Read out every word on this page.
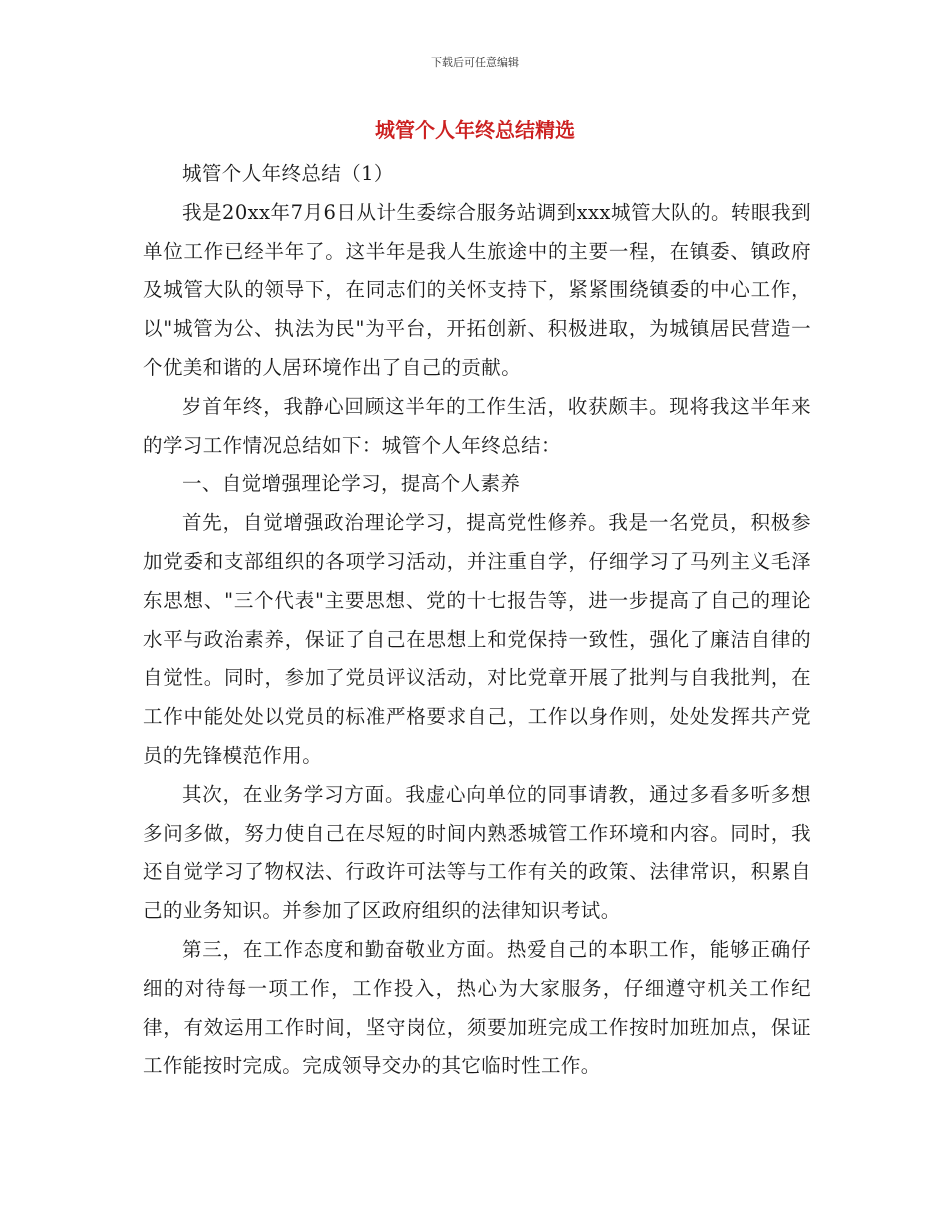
下载后可任意编辑
城管个人年终总结精选

城管个人年终总结（1）

我是20xx年7月6日从计生委综合服务站调到xxx城管大队的。转眼我到单位工作已经半年了。这半年是我人生旅途中的主要一程，在镇委、镇政府及城管大队的领导下，在同志们的关怀支持下，紧紧围绕镇委的中心工作，以"城管为公、执法为民"为平台，开拓创新、积极进取，为城镇居民营造一个优美和谐的人居环境作出了自己的贡献。

岁首年终，我静心回顾这半年的工作生活，收获颇丰。现将我这半年来的学习工作情况总结如下：城管个人年终总结：

一、自觉增强理论学习，提高个人素养

首先，自觉增强政治理论学习，提高党性修养。我是一名党员，积极参加党委和支部组织的各项学习活动，并注重自学，仔细学习了马列主义毛泽东思想、"三个代表"主要思想、党的十七报告等，进一步提高了自己的理论水平与政治素养，保证了自己在思想上和党保持一致性，强化了廉洁自律的自觉性。同时，参加了党员评议活动，对比党章开展了批判与自我批判，在工作中能处处以党员的标准严格要求自己，工作以身作则，处处发挥共产党员的先锋模范作用。

其次，在业务学习方面。我虚心向单位的同事请教，通过多看多听多想多问多做，努力使自己在尽短的时间内熟悉城管工作环境和内容。同时，我还自觉学习了物权法、行政许可法等与工作有关的政策、法律常识，积累自己的业务知识。并参加了区政府组织的法律知识考试。

第三，在工作态度和勤奋敬业方面。热爱自己的本职工作，能够正确仔细的对待每一项工作，工作投入，热心为大家服务，仔细遵守机关工作纪律，有效运用工作时间，坚守岗位，须要加班完成工作按时加班加点，保证工作能按时完成。完成领导交办的其它临时性工作。
